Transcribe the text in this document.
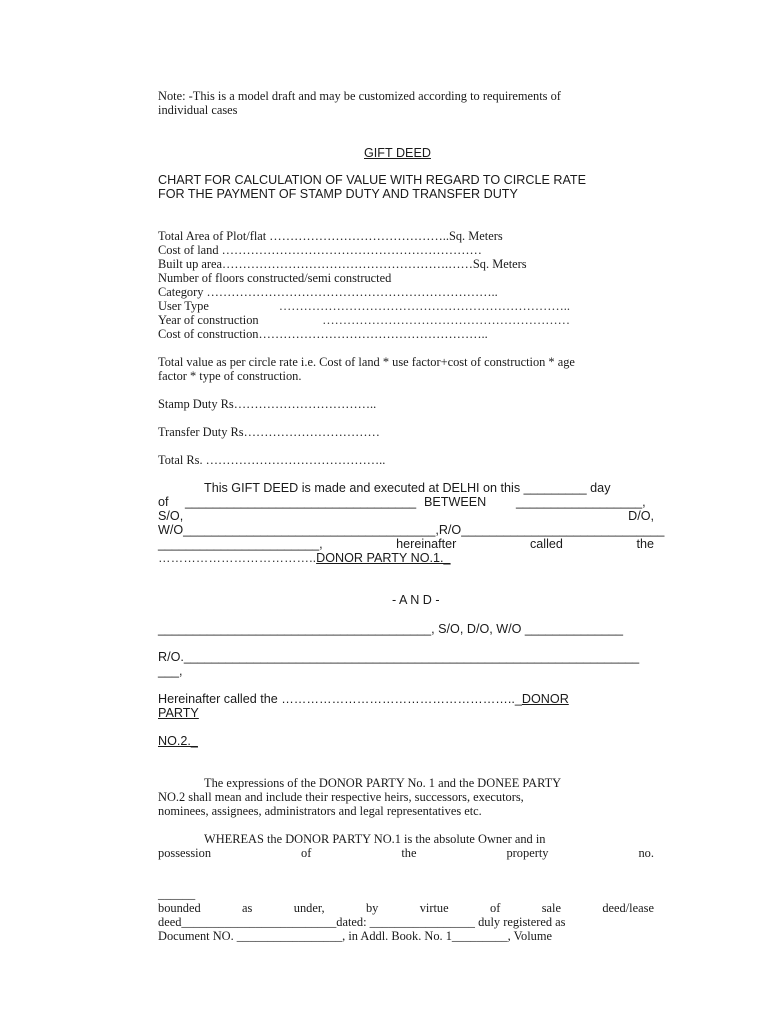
Note: -This is a model draft and may be customized according to requirements of
individual cases
GIFT DEED
CHART FOR CALCULATION OF VALUE WITH REGARD TO CIRCLE RATE
FOR THE PAYMENT OF STAMP DUTY AND TRANSFER DUTY
Total Area of Plot/flat ……………………………………..Sq. Meters
Cost of land ………………………………………………………
Built up area……………………………………………….……Sq. Meters
Number of floors constructed/semi constructed
Category ……………………………………………………………..
User Type	……………………………………………………………..
Year of construction	……………………………………………………
Cost of construction………………………………………………..
Total value as per circle rate i.e. Cost of land * use factor+cost of construction * age
factor * type of construction.
Stamp Duty Rs……………………………..
Transfer Duty Rs……………………………
Total Rs. ……………………………………..
This GIFT DEED is made and executed at DELHI on this _________ day
of _________________________________ BETWEEN __________________,
S/O,	D/O,
W/O____________________________________,R/O_____________________________
_______________________,	hereinafter	called	the
………………………………..DONOR PARTY NO.1._
- A N D -
_______________________________________, S/O, D/O, W/O ______________
R/O._________________________________________________________________
___,
Hereinafter called the ……………………………………………….._DONOR
PARTY
NO.2._
The expressions of the DONOR PARTY No. 1 and the DONEE PARTY
NO.2 shall mean and include their respective heirs, successors, executors,
nominees, assignees, administrators and legal representatives etc.
WHEREAS the DONOR PARTY NO.1 is the absolute Owner and in
possession	of	the	property	no.
______
bounded	as	under,	by	virtue	of	sale	deed/lease
deed_________________________dated: _________________ duly registered as
Document NO. _________________, in Addl. Book. No. 1_________, Volume
